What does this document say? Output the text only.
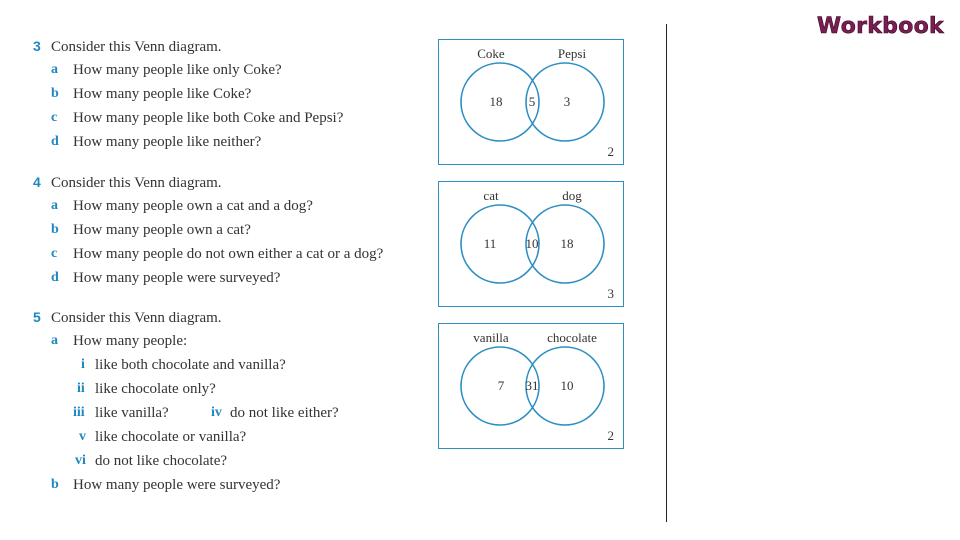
3 Consider this Venn diagram.
a How many people like only Coke?
b How many people like Coke?
c How many people like both Coke and Pepsi?
d How many people like neither?
4 Consider this Venn diagram.
a How many people own a cat and a dog?
b How many people own a cat?
c How many people do not own either a cat or a dog?
d How many people were surveyed?
5 Consider this Venn diagram.
a How many people:
i like both chocolate and vanilla?
ii like chocolate only?
iii like vanilla?	iv do not like either?
v like chocolate or vanilla?
vi do not like chocolate?
b How many people were surveyed?
Coke	Pepsi
18	5	3
2
cat	dog
11	10	18
3
vanilla	chocolate
7	31	10
2
Workbook
